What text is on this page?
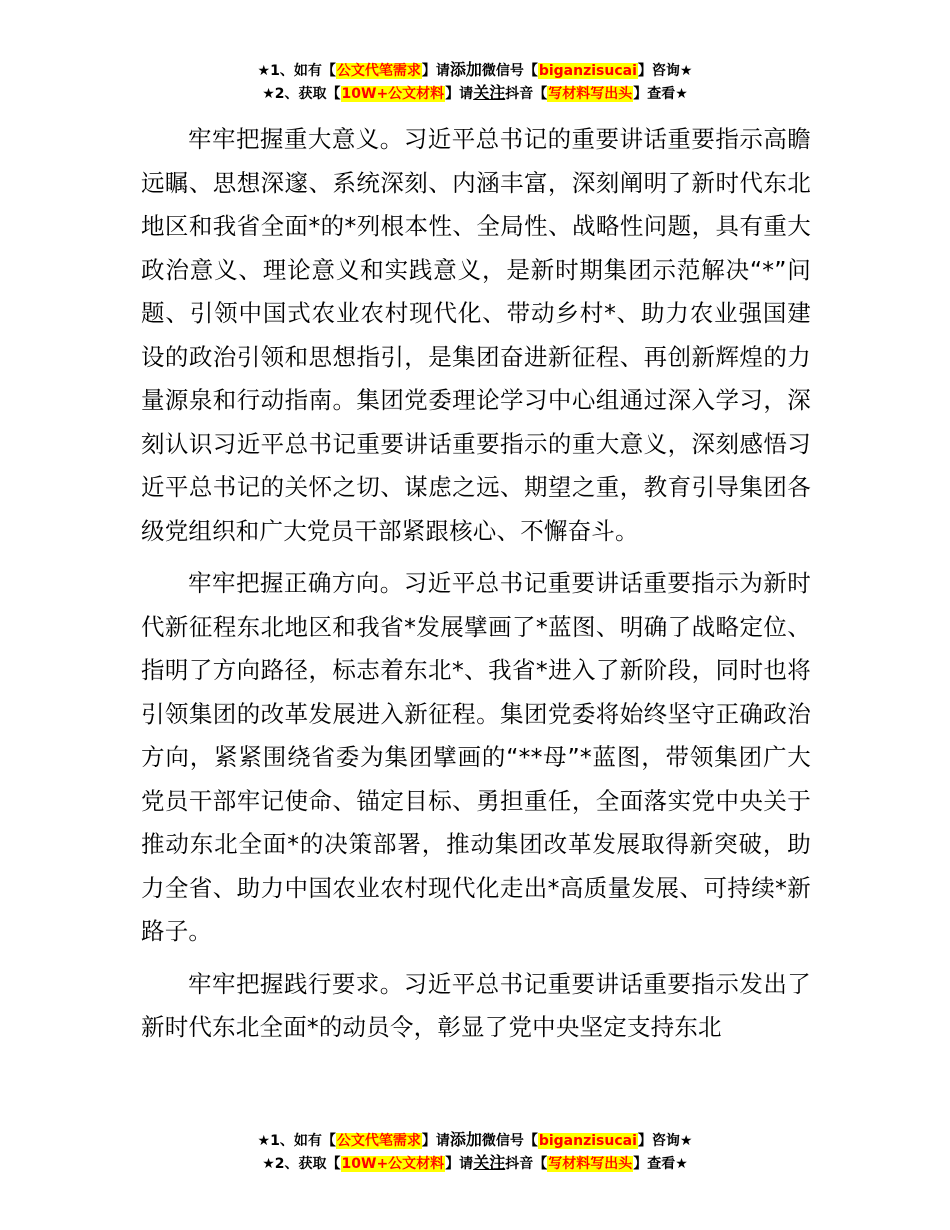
★1、如有【公文代笔需求】请添加微信号【biganzisucai】咨询★
★2、获取【10W+公文材料】请关注抖音【写材料写出头】查看★

牢牢把握重大意义。习近平总书记的重要讲话重要指示高瞻远瞩、思想深邃、系统深刻、内涵丰富，深刻阐明了新时代东北地区和我省全面*的*列根本性、全局性、战略性问题，具有重大政治意义、理论意义和实践意义，是新时期集团示范解决“*”问题、引领中国式农业农村现代化、带动乡村*、助力农业强国建设的政治引领和思想指引，是集团奋进新征程、再创新辉煌的力量源泉和行动指南。集团党委理论学习中心组通过深入学习，深刻认识习近平总书记重要讲话重要指示的重大意义，深刻感悟习近平总书记的关怀之切、谋虑之远、期望之重，教育引导集团各级党组织和广大党员干部紧跟核心、不懈奋斗。

牢牢把握正确方向。习近平总书记重要讲话重要指示为新时代新征程东北地区和我省*发展擘画了*蓝图、明确了战略定位、指明了方向路径，标志着东北*、我省*进入了新阶段，同时也将引领集团的改革发展进入新征程。集团党委将始终坚守正确政治方向，紧紧围绕省委为集团擘画的“**母”*蓝图，带领集团广大党员干部牢记使命、锚定目标、勇担重任，全面落实党中央关于推动东北全面*的决策部署，推动集团改革发展取得新突破，助力全省、助力中国农业农村现代化走出*高质量发展、可持续*新路子。

牢牢把握践行要求。习近平总书记重要讲话重要指示发出了新时代东北全面*的动员令，彰显了党中央坚定支持东北

★1、如有【公文代笔需求】请添加微信号【biganzisucai】咨询★
★2、获取【10W+公文材料】请关注抖音【写材料写出头】查看★
